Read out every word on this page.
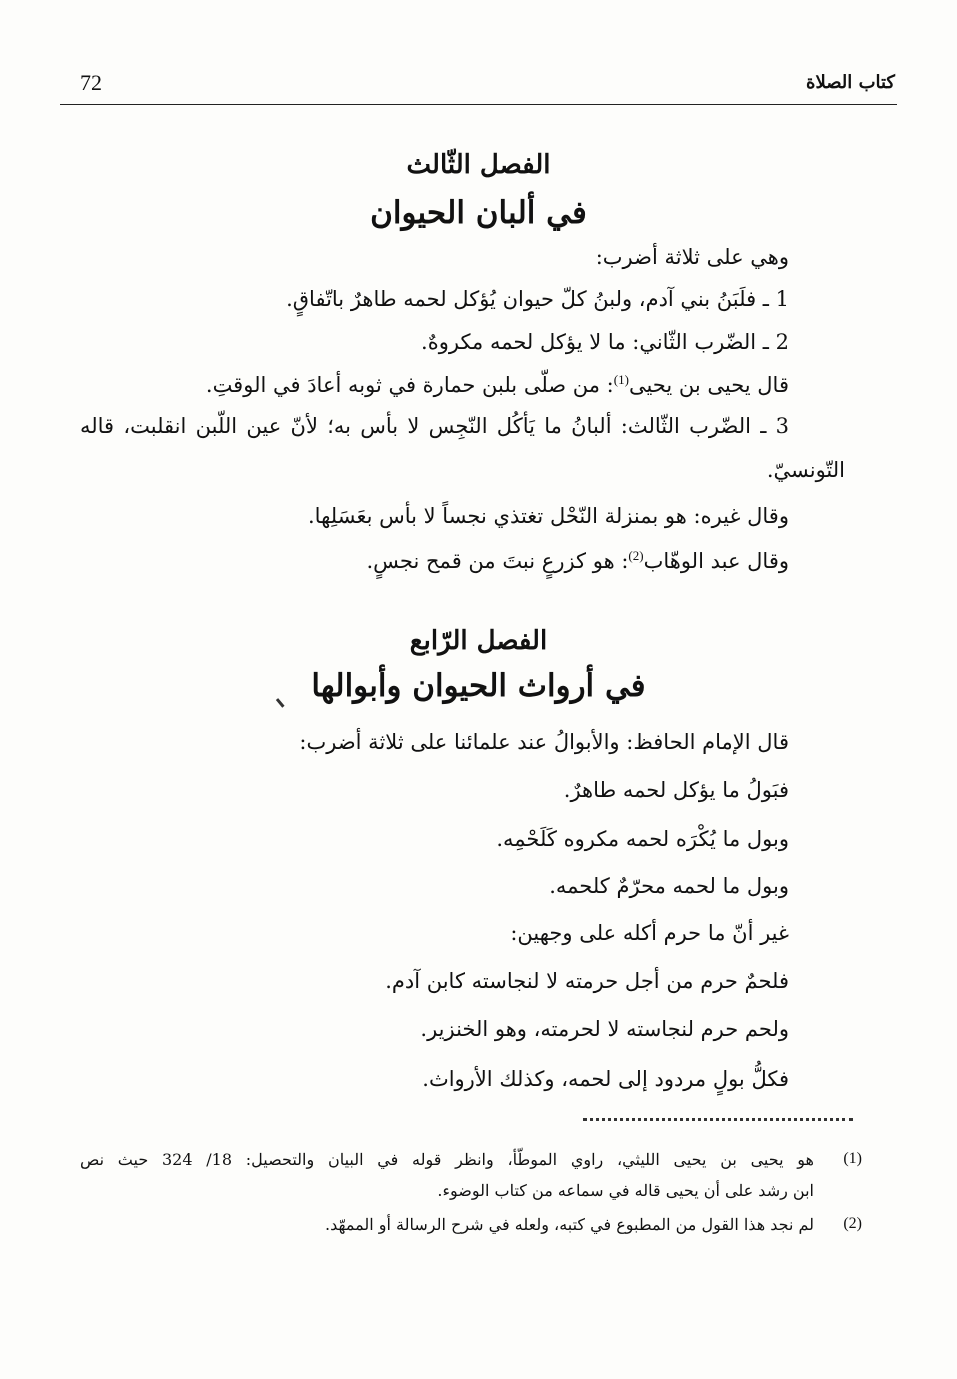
72	كتاب الصلاة
الفصل الثّالث
في ألبان الحيوان
وهي على ثلاثة أضرب:
1 ـ فلَبَنُ بني آدم، ولبنُ كلّ حيوان يُؤكل لحمه طاهرٌ باتّفاقٍ.
2 ـ الضّرب الثّاني: ما لا يؤكل لحمه مكروهٌ.
قال يحيى بن يحيى$^{(1)}$: من صلّى بلبن حمارة في ثوبه أعادَ في الوقتِ.
3 ـ الضّرب الثّالث: ألبانُ ما يَأكُل النّجِس لا بأس به؛ لأنّ عين اللّبن انقلبت، قاله
التّونسيّ.
وقال غيره: هو بمنزلة النّحْل تغتذي نجساً لا بأس بعَسَلِها.
وقال عبد الوهّاب$^{(2)}$: هو كزرعٍ نبتَ من قمح نجسٍ.
الفصل الرّابع
في أرواث الحيوان وأبوالها
قال الإمام الحافظ: والأبوالُ عند علمائنا على ثلاثة أضرب:
فبَولُ ما يؤكل لحمه طاهرٌ.
وبول ما يُكْرَه لحمه مكروه كَلَحْمِه.
وبول ما لحمه محرّمٌ كلحمه.
غير أنّ ما حرم أكله على وجهين:
فلحمٌ حرم من أجل حرمته لا لنجاسته كابن آدم.
ولحم حرم لنجاسته لا لحرمته، وهو الخنزير.
فكلُّ بولٍ مردود إلى لحمه، وكذلك الأرواث.
(1)
هو يحيى بن يحيى الليثي، راوي الموطّأ، وانظر قوله في البيان والتحصيل: 18/ 324 حيث نص
ابن رشد على أن يحيى قاله في سماعه من كتاب الوضوء.
(2)
لم نجد هذا القول من المطبوع في كتبه، ولعله في شرح الرسالة أو الممهّد.
